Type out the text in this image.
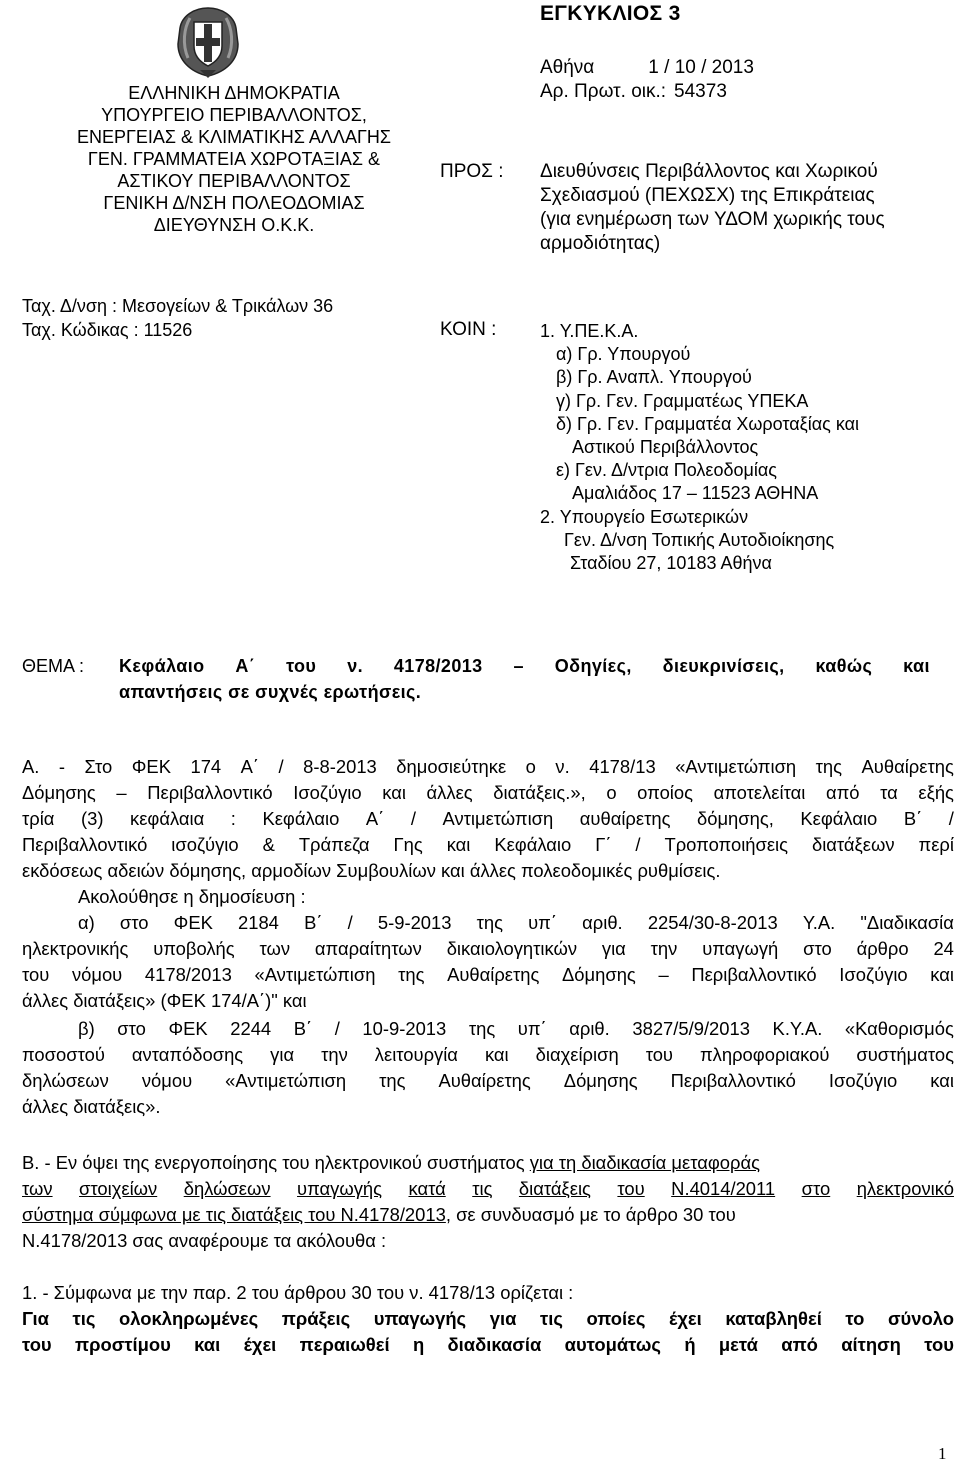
ΕΛΛΗΝΙΚΗ ΔΗΜΟΚΡΑΤΙΑ
ΥΠΟΥΡΓΕΙΟ ΠΕΡΙΒΑΛΛΟΝΤΟΣ,
ΕΝΕΡΓΕΙΑΣ & ΚΛΙΜΑΤΙΚΗΣ ΑΛΛΑΓΗΣ
ΓΕΝ. ΓΡΑΜΜΑΤΕΙΑ ΧΩΡΟΤΑΞΙΑΣ &
ΑΣΤΙΚΟΥ ΠΕΡΙΒΑΛΛΟΝΤΟΣ
ΓΕΝΙΚΗ Δ/ΝΣΗ ΠΟΛΕΟΔΟΜΙΑΣ
ΔΙΕΥΘΥΝΣΗ Ο.Κ.Κ.
Ταχ. Δ/νση : Μεσογείων & Τρικάλων 36
Ταχ. Κώδικας : 11526
ΕΓΚΥΚΛΙΟΣ 3
Αθήνα	1 / 10 / 2013
Αρ. Πρωτ. οικ.: 54373
ΠΡΟΣ : Διευθύνσεις Περιβάλλοντος και Χωρικού
Σχεδιασμού (ΠΕΧΩΣΧ) της Επικράτειας
(για ενημέρωση των ΥΔΟΜ χωρικής τους
αρμοδιότητας)
ΚΟΙΝ : 1. Υ.ΠΕ.Κ.Α.
α) Γρ. Υπουργού
β) Γρ. Αναπλ. Υπουργού
γ) Γρ. Γεν. Γραμματέως ΥΠΕΚΑ
δ) Γρ. Γεν. Γραμματέα Χωροταξίας και
Αστικού Περιβάλλοντος
ε) Γεν. Δ/ντρια Πολεοδομίας
Αμαλιάδος 17 – 11523 ΑΘΗΝΑ
2. Υπουργείο Εσωτερικών
Γεν. Δ/νση Τοπικής Αυτοδιοίκησης
Σταδίου 27, 10183 Αθήνα
ΘΕΜΑ : Κεφάλαιο Α΄ του ν. 4178/2013 – Οδηγίες, διευκρινίσεις, καθώς και
απαντήσεις σε συχνές ερωτήσεις.
Α. - Στο ΦΕΚ 174 Α΄ / 8-8-2013 δημοσιεύτηκε ο ν. 4178/13 «Αντιμετώπιση της Αυθαίρετης
Δόμησης – Περιβαλλοντικό Ισοζύγιο και άλλες διατάξεις.», ο οποίος αποτελείται από τα εξής
τρία (3) κεφάλαια : Κεφάλαιο Α΄ / Αντιμετώπιση αυθαίρετης δόμησης, Κεφάλαιο Β΄ /
Περιβαλλοντικό ισοζύγιο & Τράπεζα Γης και Κεφάλαιο Γ΄ / Τροποποιήσεις διατάξεων περί
εκδόσεως αδειών δόμησης, αρμοδίων Συμβουλίων και άλλες πολεοδομικές ρυθμίσεις.
Ακολούθησε η δημοσίευση :
α) στο ΦΕΚ 2184 Β΄ / 5-9-2013 της υπ΄ αριθ. 2254/30-8-2013 Υ.Α. "Διαδικασία
ηλεκτρονικής υποβολής των απαραίτητων δικαιολογητικών για την υπαγωγή στο άρθρο 24
του νόμου 4178/2013 «Αντιμετώπιση της Αυθαίρετης Δόμησης – Περιβαλλοντικό Ισοζύγιο και
άλλες διατάξεις» (ΦΕΚ 174/Α΄)" και
β) στο ΦΕΚ 2244 Β΄ / 10-9-2013 της υπ΄ αριθ. 3827/5/9/2013 Κ.Υ.Α. «Καθορισμός
ποσοστού ανταπόδοσης για την λειτουργία και διαχείριση του πληροφοριακού συστήματος
δηλώσεων νόμου «Αντιμετώπιση της Αυθαίρετης Δόμησης Περιβαλλοντικό Ισοζύγιο και
άλλες διατάξεις».
Β. - Εν όψει της ενεργοποίησης του ηλεκτρονικού συστήματος για τη διαδικασία μεταφοράς
των στοιχείων δηλώσεων υπαγωγής κατά τις διατάξεις του Ν.4014/2011 στο ηλεκτρονικό
σύστημα σύμφωνα με τις διατάξεις του Ν.4178/2013, σε συνδυασμό με το άρθρο 30 του
Ν.4178/2013 σας αναφέρουμε τα ακόλουθα :
1. - Σύμφωνα με την παρ. 2 του άρθρου 30 του ν. 4178/13 ορίζεται :
Για τις ολοκληρωμένες πράξεις υπαγωγής για τις οποίες έχει καταβληθεί το σύνολο
του προστίμου και έχει περαιωθεί η διαδικασία αυτομάτως ή μετά από αίτηση του
1
